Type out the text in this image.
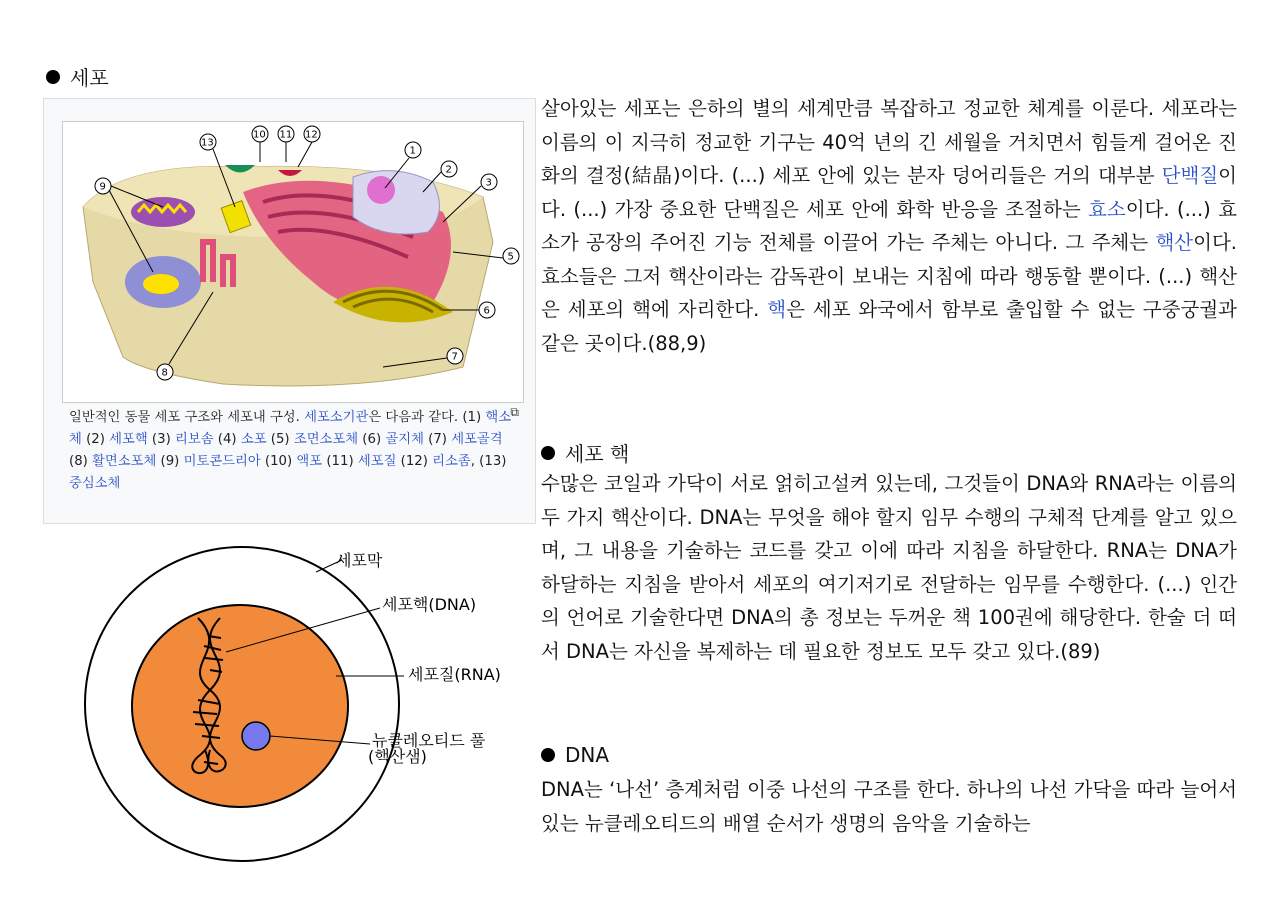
세포
1
2
3
5
6
7
8
9
10 11 12
13
⧉
일반적인 동물 세포 구조와 세포내 구성. 세포소기관은 다음과 같다. (1) 핵소체 (2) 세포핵 (3) 리보솜 (4) 소포 (5) 조면소포체 (6) 골지체 (7) 세포골격 (8) 활면소포체 (9) 미토콘드리아 (10) 액포 (11) 세포질 (12) 리소좀, (13) 중심소체
세포막
세포핵(DNA)
세포질(RNA)
뉴클레오티드 풀
(핵산샘)
살아있는 세포는 은하의 별의 세계만큼 복잡하고 정교한 체계를 이룬다. 세포라는 이름의 이 지극히 정교한 기구는 40억 년의 긴 세월을 거치면서 힘들게 걸어온 진화의 결정(結晶)이다. (...) 세포 안에 있는 분자 덩어리들은 거의 대부분 단백질이다. (...) 가장 중요한 단백질은 세포 안에 화학 반응을 조절하는 효소이다. (...) 효소가 공장의 주어진 기능 전체를 이끌어 가는 주체는 아니다. 그 주체는 핵산이다. 효소들은 그저 핵산이라는 감독관이 보내는 지침에 따라 행동할 뿐이다. (...) 핵산은 세포의 핵에 자리한다. 핵은 세포 와국에서 함부로 출입할 수 없는 구중궁궐과 같은 곳이다.(88,9)
세포 핵
수많은 코일과 가닥이 서로 얽히고설켜 있는데, 그것들이 DNA와 RNA라는 이름의 두 가지 핵산이다. DNA는 무엇을 해야 할지 임무 수행의 구체적 단계를 알고 있으며, 그 내용을 기술하는 코드를 갖고 이에 따라 지침을 하달한다. RNA는 DNA가 하달하는 지침을 받아서 세포의 여기저기로 전달하는 임무를 수행한다. (...) 인간의 언어로 기술한다면 DNA의 총 정보는 두꺼운 책 100권에 해당한다. 한술 더 떠서 DNA는 자신을 복제하는 데 필요한 정보도 모두 갖고 있다.(89)
DNA
DNA는 ‘나선’ 층계처럼 이중 나선의 구조를 한다. 하나의 나선 가닥을 따라 늘어서 있는 뉴클레오티드의 배열 순서가 생명의 음악을 기술하는
